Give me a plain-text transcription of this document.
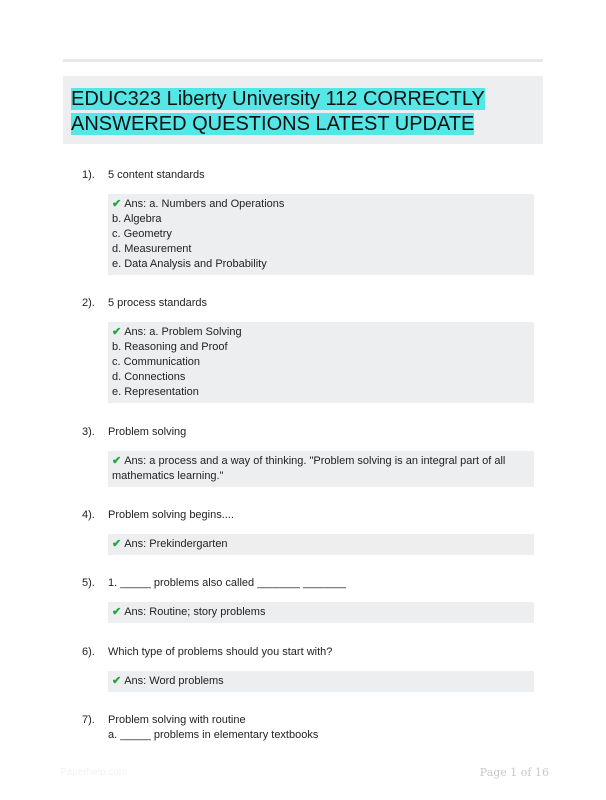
EDUC323 Liberty University 112 CORRECTLY ANSWERED QUESTIONS LATEST UPDATE
1). 5 content standards
✔ Ans: a. Numbers and Operations
b. Algebra
c. Geometry
d. Measurement
e. Data Analysis and Probability
2). 5 process standards
✔ Ans: a. Problem Solving
b. Reasoning and Proof
c. Communication
d. Connections
e. Representation
3). Problem solving
✔ Ans: a process and a way of thinking. "Problem solving is an integral part of all
mathematics learning."
4). Problem solving begins....
✔ Ans: Prekindergarten
5). 1. _____ problems also called _______ _______
✔ Ans: Routine; story problems
6). Which type of problems should you start with?
✔ Ans: Word problems
7). Problem solving with routine
a. _____ problems in elementary textbooks
Paperhelp.com	Page 1 of 16
